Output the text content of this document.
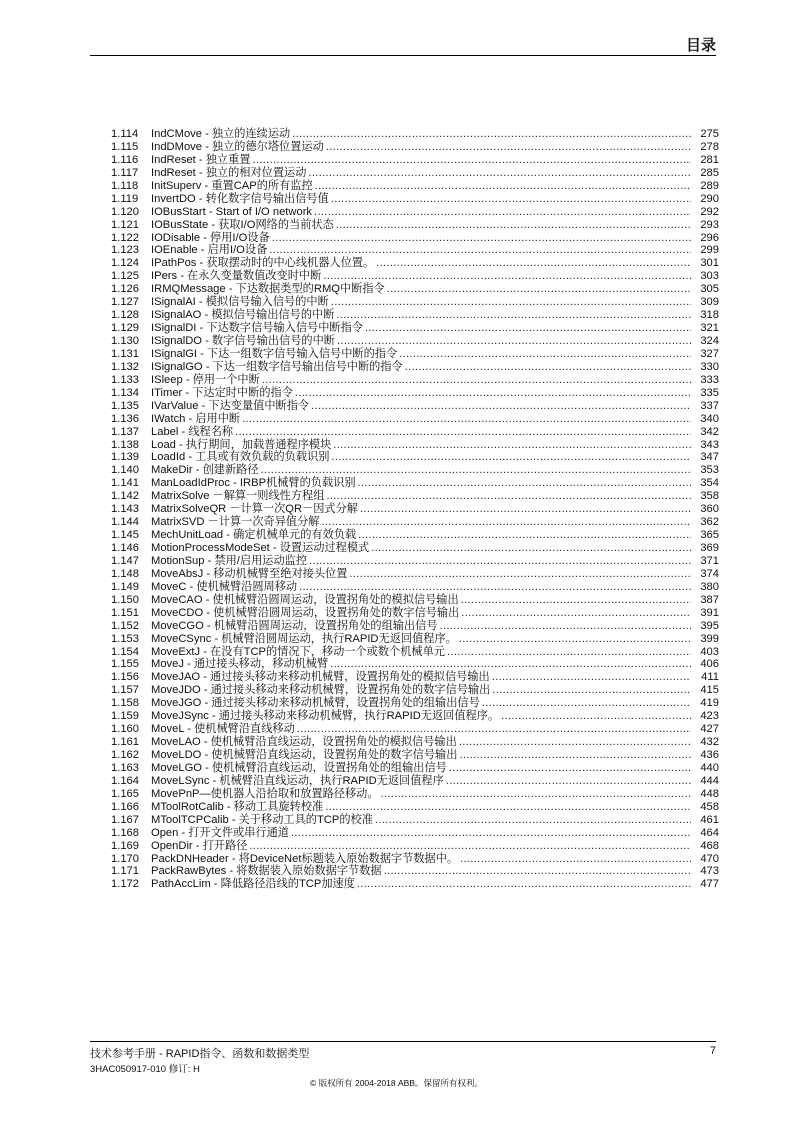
目录
1.114	IndCMove - 独立的连续运动 . . .	275
1.115	IndDMove - 独立的德尔塔位置运动 . . .	278
1.116	IndReset - 独立重置 . . .	281
1.117	IndReset - 独立的相对位置运动 . . .	285
1.118	InitSuperv - 重置CAP的所有监控 . . .	289
1.119	InvertDO - 转化数字信号输出信号值 . . .	290
1.120	IOBusStart - Start of I/O network . . .	292
1.121	IOBusState - 获取I/O网络的当前状态 . . .	293
1.122	IODisable - 停用I/O设备 . . .	296
1.123	IOEnable - 启用I/O设备 . . .	299
1.124	IPathPos - 获取摆动时的中心线机器人位置。 . . .	301
1.125	IPers - 在永久变量数值改变时中断 . . .	303
1.126	IRMQMessage - 下达数据类型的RMQ中断指令 . . .	305
1.127	ISignalAI - 模拟信号输入信号的中断 . . .	309
1.128	ISignalAO - 模拟信号输出信号的中断 . . .	318
1.129	ISignalDI - 下达数字信号输入信号中断指令 . . .	321
1.130	ISignalDO - 数字信号输出信号的中断 . . .	324
1.131	ISignalGI - 下达一组数字信号输入信号中断的指令 . . .	327
1.132	ISignalGO - 下达一组数字信号输出信号中断的指令 . . .	330
1.133	ISleep - 停用一个中断 . . .	333
1.134	ITimer - 下达定时中断的指令 . . .	335
1.135	IVarValue - 下达变量值中断指令 . . .	337
1.136	IWatch - 启用中断 . . .	340
1.137	Label - 线程名称 . . .	342
1.138	Load - 执行期间，加载普通程序模块 . . .	343
1.139	LoadId - 工具或有效负载的负载识别 . . .	347
1.140	MakeDir - 创建新路径 . . .	353
1.141	ManLoadIdProc - IRBP机械臂的负载识别 . . .	354
1.142	MatrixSolve －解算一则线性方程组 . . .	358
1.143	MatrixSolveQR －计算一次QR－因式分解 . . .	360
1.144	MatrixSVD －计算一次奇异值分解 . . .	362
1.145	MechUnitLoad - 确定机械单元的有效负载 . . .	365
1.146	MotionProcessModeSet - 设置运动过程模式 . . .	369
1.147	MotionSup - 禁用/启用运动监控 . . .	371
1.148	MoveAbsJ - 移动机械臂至绝对接头位置 . . .	374
1.149	MoveC - 使机械臂沿圆周移动 . . .	380
1.150	MoveCAO - 使机械臂沿圆周运动，设置拐角处的模拟信号输出 . . .	387
1.151	MoveCDO - 使机械臂沿圆周运动，设置拐角处的数字信号输出 . . .	391
1.152	MoveCGO - 机械臂沿圆周运动，设置拐角处的组输出信号 . . .	395
1.153	MoveCSync - 机械臂沿圆周运动，执行RAPID无返回值程序。 . . .	399
1.154	MoveExtJ - 在没有TCP的情况下，移动一个或数个机械单元 . . .	403
1.155	MoveJ - 通过接头移动，移动机械臂 . . .	406
1.156	MoveJAO - 通过接头移动来移动机械臂，设置拐角处的模拟信号输出 . . .	411
1.157	MoveJDO - 通过接头移动来移动机械臂，设置拐角处的数字信号输出 . . .	415
1.158	MoveJGO - 通过接头移动来移动机械臂，设置拐角处的组输出信号 . . .	419
1.159	MoveJSync - 通过接头移动来移动机械臂，执行RAPID无返回值程序。 . . .	423
1.160	MoveL - 使机械臂沿直线移动 . . .	427
1.161	MoveLAO - 使机械臂沿直线运动，设置拐角处的模拟信号输出 . . .	432
1.162	MoveLDO - 使机械臂沿直线运动，设置拐角处的数字信号输出 . . .	436
1.163	MoveLGO - 使机械臂沿直线运动，设置拐角处的组输出信号 . . .	440
1.164	MoveLSync - 机械臂沿直线运动，执行RAPID无返回值程序 . . .	444
1.165	MovePnP—使机器人沿拾取和放置路径移动。 . . .	448
1.166	MToolRotCalib - 移动工具旋转校准 . . .	458
1.167	MToolTCPCalib - 关于移动工具的TCP的校准 . . .	461
1.168	Open - 打开文件或串行通道 . . .	464
1.169	OpenDir - 打开路径 . . .	468
1.170	PackDNHeader - 将DeviceNet标题装入原始数据字节数据中。 . . .	470
1.171	PackRawBytes - 将数据装入原始数据字节数据 . . .	473
1.172	PathAccLim - 降低路径沿线的TCP加速度 . . .	477
技术参考手册 - RAPID指令、函数和数据类型
3HAC050917-010 修订: H
7
© 版权所有 2004-2018 ABB。保留所有权利。
